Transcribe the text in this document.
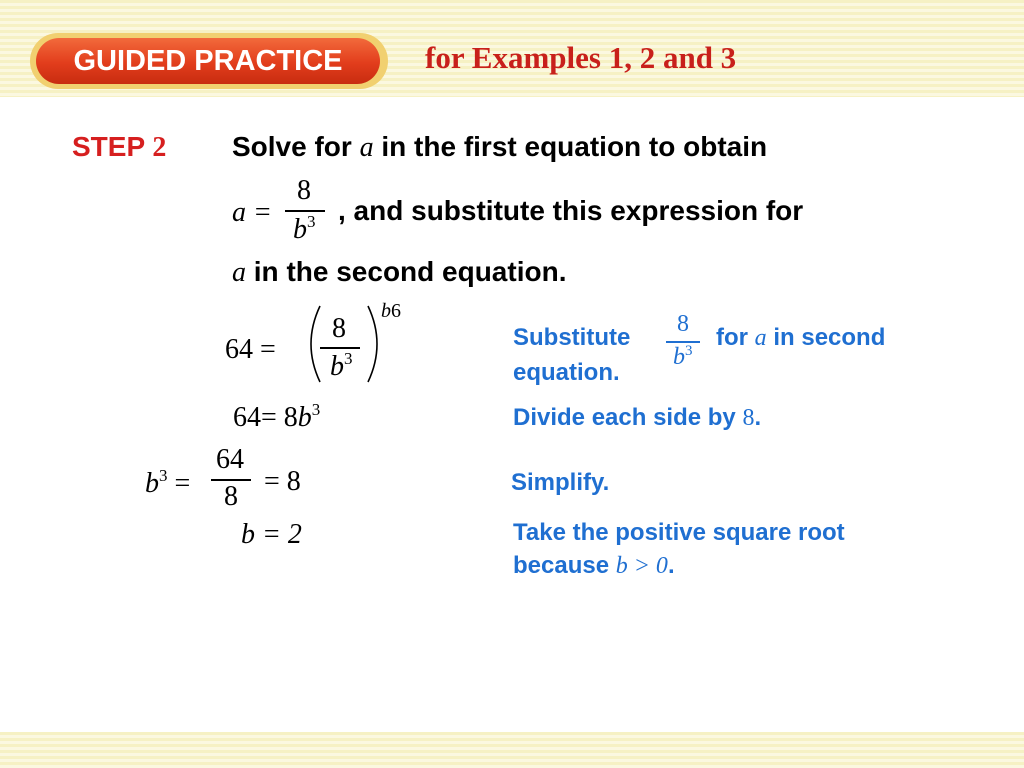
GUIDED PRACTICE	for Examples 1, 2 and 3
STEP 2 Solve for a in the first equation to obtain
a =
8
$b^3$ , and substitute this expression for
a in the second equation.
64 =
8
$b^3$
b6
$64= 8b^3$
$b^3$ =
64
8 = 8
b = 2
Substitute 8
$b^3$ for a in second
equation.
Divide each side by 8.
Simplify.
Take the positive square root
because b > 0.
